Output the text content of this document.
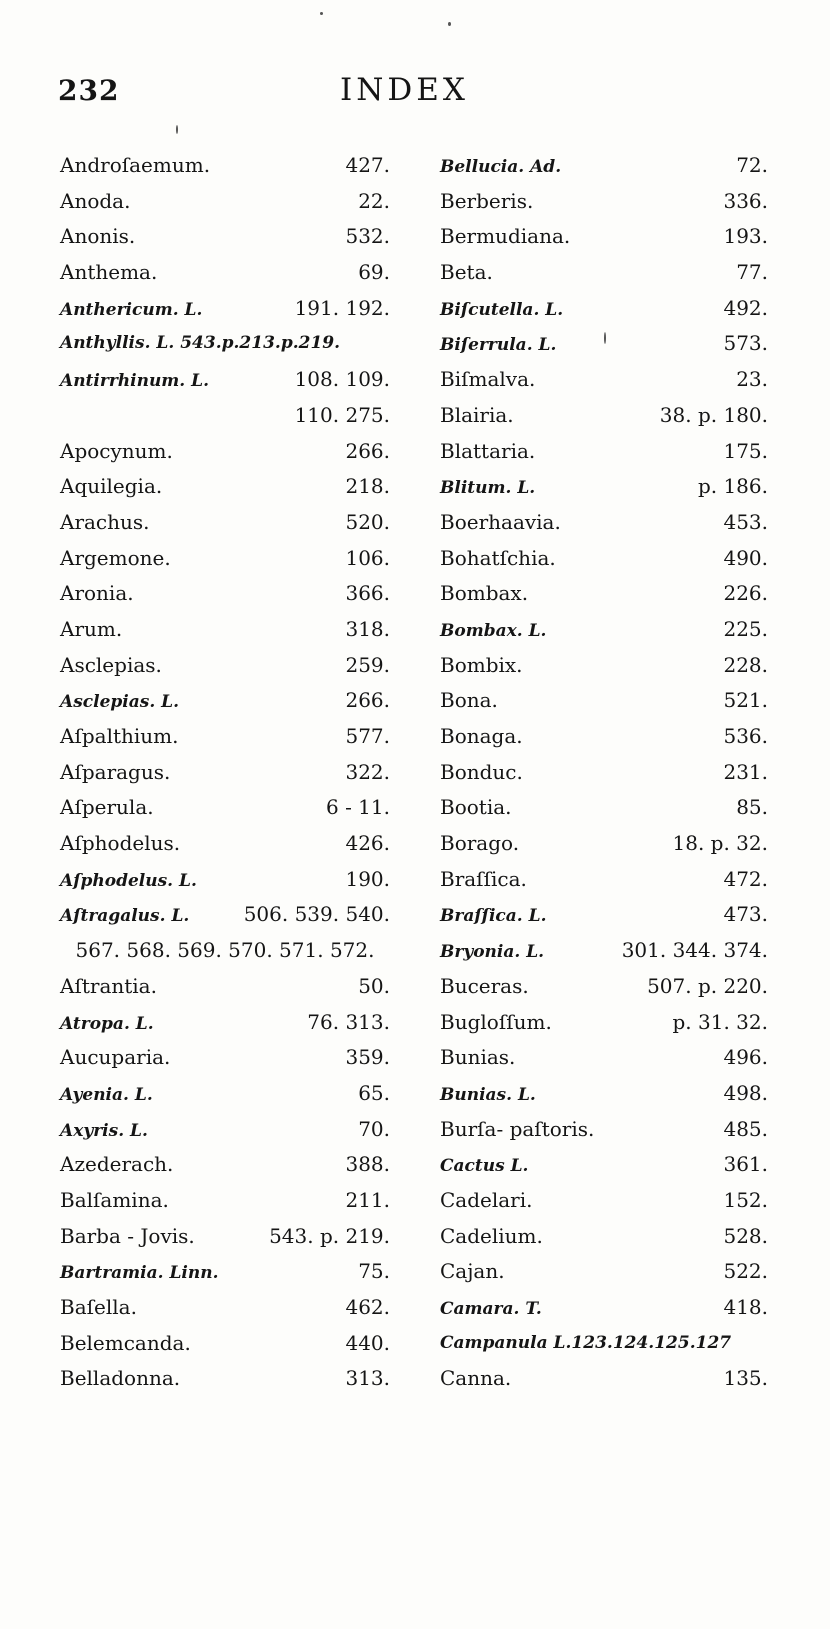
232	INDEX
Androſaemum.	427.
Anoda.	22.
Anonis.	532.
Anthema.	69.
Anthericum. L.	191. 192.
Anthyllis. L. 543.p.213.p.219.
Antirrhinum. L.	108. 109.
110. 275.
Apocynum.	266.
Aquilegia.	218.
Arachus.	520.
Argemone.	106.
Aronia.	366.
Arum.	318.
Asclepias.	259.
Asclepias. L.	266.
Aſpalthium.	577.
Aſparagus.	322.
Aſperula.	6 - 11.
Aſphodelus.	426.
Aſphodelus. L.	190.
Aſtragalus. L.	506. 539. 540.
567. 568. 569. 570. 571. 572.
Aſtrantia.	50.
Atropa. L.	76. 313.
Aucuparia.	359.
Ayenia. L.	65.
Axyris. L.	70.
Azederach.	388.
Balſamina.	211.
Barba - Jovis.	543. p. 219.
Bartramia. Linn.	75.
Baſella.	462.
Belemcanda.	440.
Belladonna.	313.
Bellucia. Ad.	72.
Berberis.	336.
Bermudiana.	193.
Beta.	77.
Biſcutella. L.	492.
Biſerrula. L.	573.
Biſmalva.	23.
Blairia.	38. p. 180.
Blattaria.	175.
Blitum. L.	p. 186.
Boerhaavia.	453.
Bohatſchia.	490.
Bombax.	226.
Bombax. L.	225.
Bombix.	228.
Bona.	521.
Bonaga.	536.
Bonduc.	231.
Bootia.	85.
Borago.	18. p. 32.
Braſſica.	472.
Braſſica. L.	473.
Bryonia. L.	301. 344. 374.
Buceras.	507. p. 220.
Bugloſſum.	p. 31. 32.
Bunias.	496.
Bunias. L.	498.
Burſa- paſtoris.	485.
Cactus L.	361.
Cadelari.	152.
Cadelium.	528.
Cajan.	522.
Camara. T.	418.
Campanula L.123.124.125.127
Canna.	135.
